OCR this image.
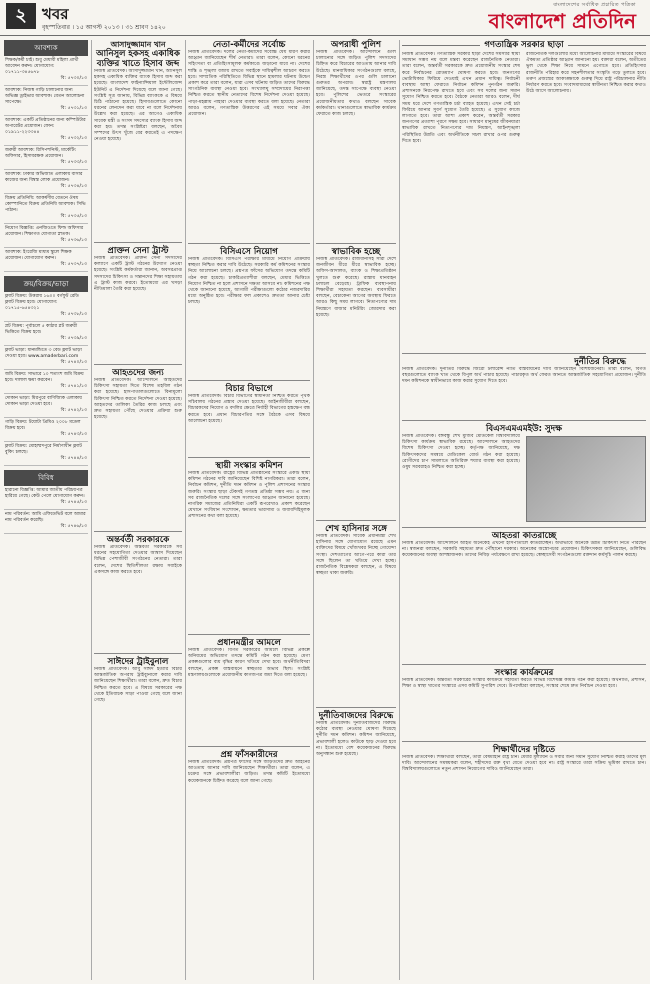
২	খবর
বৃহস্পতিবার । ১৫ আগস্ট ২০১৩ । ৩১ শ্রাবণ ১৪২০
বাংলাদেশের সর্বাধিক প্রচারিত পত্রিকা
বাংলাদেশ প্রতিদিন
আবশ্যক
শিক্ষক/কর্মী চাই। শুধু মেধাবী মহিলা প্রার্থী আবেদন করুন। যোগাযোগ: ০১৭১১-৩৪৫৬৭৮
বি: ৫৭৩০/১৩
আবশ্যক: নিজস্ব গাড়ি চালানোর জন্য অভিজ্ঞ ড্রাইভার আবশ্যক। বেতন আলোচনা সাপেক্ষে।
বি: ৫৭৩১/১৩
আবশ্যক: একটি প্রতিষ্ঠানের জন্য কম্পিউটার অপারেটর প্রয়োজন। ফোন: ০১৯১১-২২৩৩৪৪
বি: ৫৭৩২/১৩
জরুরী আবশ্যক: রিসিপশনিস্ট, মার্কেটিং অফিসার, হিসাবরক্ষক প্রয়োজন।
বি: ৫৭৩৩/১৩
আবশ্যক: ঢাকার অভিজাত এলাকায় বাসার কাজের জন্য বিশ্বস্ত লোক প্রয়োজন।
বি: ৫৭৩৪/১৩
বিক্রয় প্রতিনিধি: আকর্ষণীয় বেতনে ঔষধ কোম্পানিতে বিক্রয় প্রতিনিধি আবশ্যক। সিভি পাঠান।
বি: ৫৭৩৫/১৩
নিয়োগ বিজ্ঞপ্তি: এনজিওতে ফিল্ড অফিসার প্রয়োজন। শিক্ষাগত যোগ্যতা স্নাতক।
বি: ৫৭৩৬/১৩
আবশ্যক: ইংরেজি মাধ্যম স্কুলে শিক্ষক প্রয়োজন। যোগাযোগ করুন।
বি: ৫৭৩৭/১৩
ক্রয়/বিক্রয়/ভাড়া
ফ্ল্যাট বিক্রয়: উত্তরায় ১৬০০ বর্গফুট রেডি ফ্ল্যাট বিক্রয় হবে। যোগাযোগ: ০১৭১৫-৬৫৪৩২১
বি: ৫৭৩৮/১৩
প্লট বিক্রয়: পূর্বাচলে ৫ কাঠার প্লট জরুরী ভিত্তিতে বিক্রয় হবে।
বি: ৫৭৩৯/১৩
ফ্ল্যাট ভাড়া: ধানমন্ডিতে ৩ বেড ফ্ল্যাট ভাড়া দেওয়া হবে। www.amaderbari.com
বি: ৫৭৪০/১৩
জমি বিক্রয়: সাভারে ১০ শতাংশ জমি বিক্রয় হবে। দালাল ক্ষমা করবেন।
বি: ৫৭৪১/১৩
দোকান ভাড়া: মিরপুরে বাণিজ্যিক এলাকায় দোকান ভাড়া দেওয়া হবে।
বি: ৫৭৪২/১৩
গাড়ি বিক্রয়: টয়োটা প্রিমিও ২০০৮ মডেল বিক্রয় হবে।
বি: ৫৭৪৩/১৩
ফ্ল্যাট বিক্রয়: মোহাম্মদপুরে নির্মাণাধীন ফ্ল্যাট বুকিং চলছে।
বি: ৫৭৪৪/১৩
বিবিধ
হারানো বিজ্ঞপ্তি: আমার জাতীয় পরিচয়পত্র হারিয়ে গেছে। কেউ পেলে যোগাযোগ করুন।
বি: ৫৭৪৫/১৩
নাম পরিবর্তন: আমি এফিডেভিট বলে আমার নাম পরিবর্তন করেছি।
বি: ৫৭৪৬/১৩
আসাদুজ্জামান খান
আনিসুল হকসহ একাধিক ব্যক্তির খাতে হিসাব জব্দ
নিজস্ব প্রতিবেদক। আসাদুজ্জামান খান, আনিসুল হকসহ একাধিক ব্যক্তির ব্যাংক হিসাব জব্দ করা হয়েছে। বাংলাদেশ ফাইন্যান্সিয়াল ইন্টেলিজেন্স ইউনিট এ নির্দেশনা দিয়েছে বলে জানা গেছে। সংশ্লিষ্ট সূত্র জানায়, বিভিন্ন ব্যাংককে এ বিষয়ে চিঠি পাঠানো হয়েছে। হিসাবগুলোতে কোনো ধরনের লেনদেন করা যাবে না বলে নির্দেশনায় উল্লেখ করা হয়েছে। এর আগেও একাধিক সাবেক মন্ত্রী ও সংসদ সদস্যের ব্যাংক হিসাব জব্দ করা হয়। তদন্ত সংশ্লিষ্টরা বলছেন, অবৈধ সম্পদের উৎস খুঁজে বের করতেই এ পদক্ষেপ নেওয়া হয়েছে।
প্রাক্তন সেনা ট্রাস্ট
নিজস্ব প্রতিবেদক। প্রাক্তন সেনা সদস্যদের কল্যাণে একটি ট্রাস্ট গঠনের উদ্যোগ নেওয়া হয়েছে। সংশ্লিষ্ট কর্মকর্তারা জানান, অবসরপ্রাপ্ত সদস্যদের চিকিৎসা ও সন্তানদের শিক্ষা সহায়তায় এ ট্রাস্ট কাজ করবে। ইতোমধ্যে এর খসড়া নীতিমালা তৈরি করা হয়েছে।
আহতদের জন্য
নিজস্ব প্রতিবেদক। আন্দোলনে আহতদের চিকিৎসা সহায়তা দিতে বিশেষ তহবিল গঠন করা হয়েছে। হাসপাতালগুলোতে বিনামূল্যে চিকিৎসা নিশ্চিত করতে নির্দেশনা দেওয়া হয়েছে। আহতদের তালিকা তৈরির কাজ চলছে এবং দ্রুত সহায়তা পৌঁছে দেওয়ার প্রক্রিয়া শুরু হয়েছে।
অন্তর্বর্তী সরকারকে
নিজস্ব প্রতিবেদক। অন্তর্বর্তী সরকারকে সব ধরনের সহযোগিতা দেওয়ার আশ্বাস দিয়েছেন বিভিন্ন পেশাজীবী সংগঠনের নেতারা। তারা বলেন, দেশের স্থিতিশীলতা রক্ষায় সবাইকে একসঙ্গে কাজ করতে হবে।
সাঈদের ট্রাইবুনাল
নিজস্ব প্রতিবেদক। আবু সাঈদ হত্যার বিচার আন্তর্জাতিক অপরাধ ট্রাইব্যুনালে করার দাবি জানিয়েছেন শিক্ষার্থীরা। তারা বলেন, দ্রুত বিচার নিশ্চিত করতে হবে। এ বিষয়ে সরকারের পক্ষ থেকে ইতিবাচক সাড়া পাওয়া গেছে বলে জানা গেছে।
নেতা-কর্মীদের সর্বোচ্চ
নিজস্ব প্রতিবেদক। দলের নেতা-কর্মীদের সর্বোচ্চ ধৈর্য ধারণ করার আহ্বান জানিয়েছেন শীর্ষ নেতারা। তারা বলেন, কোনো ধরনের সহিংসতা বা প্রতিহিংসামূলক কর্মকাণ্ডে জড়ানো যাবে না। দেশের শান্তি ও শৃঙ্খলা বজায় রাখতে সবাইকে দায়িত্বশীল আচরণ করতে হবে। সাম্প্রতিক পরিস্থিতিতে বিভিন্ন স্থানে হামলার ঘটনায় উদ্বেগ প্রকাশ করে তারা বলেন, যারা এসব ঘটনায় জড়িত তাদের বিরুদ্ধে সাংগঠনিক ব্যবস্থা নেওয়া হবে। সংখ্যালঘু সম্প্রদায়ের নিরাপত্তা নিশ্চিত করতে স্থানীয় নেতাদের বিশেষ নির্দেশনা দেওয়া হয়েছে। পাড়া-মহল্লায় পাহারা দেওয়ার ব্যবস্থা করতে বলা হয়েছে। নেতারা আরও বলেন, গণতান্ত্রিক উত্তরণের এই সময়ে সবার ঐক্য প্রয়োজন।
বিসিএসে নিয়োগ
নিজস্ব প্রতিবেদক। বিসিএস পরীক্ষার মাধ্যমে নিয়োগ প্রক্রিয়ায় স্বচ্ছতা নিশ্চিত করার দাবি উঠেছে। সরকারি কর্ম কমিশনের সংস্কার নিয়ে আলোচনা চলছে। প্রশ্নপত্র ফাঁসের অভিযোগ তদন্তে কমিটি গঠন করা হয়েছে। চাকরিপ্রত্যাশীরা বলছেন, মেধার ভিত্তিতে নিয়োগ নিশ্চিত না হলে প্রশাসনে দক্ষতা আসবে না। কমিশনের পক্ষ থেকে জানানো হয়েছে, আগামী পরীক্ষাগুলো কঠোর নজরদারির মধ্যে অনুষ্ঠিত হবে। পরীক্ষার ফল প্রকাশেও দ্রুততা আনার চেষ্টা চলছে।
বিচার বিভাগে
নিজস্ব প্রতিবেদক। বিচার বিভাগের স্বাধীনতা নিশ্চিত করতে পৃথক সচিবালয় গঠনের প্রস্তাব দেওয়া হয়েছে। আইনজীবীরা বলছেন, বিচারকদের নিয়োগ ও বদলির ক্ষেত্রে নির্বাহী বিভাগের হস্তক্ষেপ বন্ধ করতে হবে। প্রধান বিচারপতির সঙ্গে বৈঠকে এসব বিষয়ে আলোচনা হয়েছে।
স্থায়ী সংস্কার কমিশন
নিজস্ব প্রতিবেদক। রাষ্ট্রের বিভিন্ন প্রতিষ্ঠানের সংস্কারে একটি স্থায়ী কমিশন গঠনের দাবি জানিয়েছেন বিশিষ্ট নাগরিকরা। তারা বলেন, নির্বাচন কমিশন, দুর্নীতি দমন কমিশন ও পুলিশ প্রশাসনের সংস্কার জরুরি। সংস্কার ছাড়া টেকসই গণতন্ত্র প্রতিষ্ঠা সম্ভব নয়। এ জন্য সব রাজনৈতিক দলের সঙ্গে সংলাপের আহ্বান জানানো হয়েছে। নাগরিক সমাজের প্রতিনিধিরা একটি রূপরেখাও প্রকাশ করেছেন যেখানে সংবিধান সংশোধন, ক্ষমতার ভারসাম্য ও জবাবদিহিমূলক প্রশাসনের কথা বলা হয়েছে।
প্রধানমন্ত্রীর আমলে
নিজস্ব প্রতিবেদক। বিগত সরকারের আমলে বিভিন্ন প্রকল্পে অনিয়মের অভিযোগ তদন্তে কমিটি গঠন করা হয়েছে। মেগা প্রকল্পগুলোর ব্যয় বৃদ্ধির কারণ খতিয়ে দেখা হবে। অর্থনীতিবিদরা বলছেন, প্রকল্প বাস্তবায়নে স্বচ্ছতার অভাব ছিল। সংশ্লিষ্ট মন্ত্রণালয়গুলোকে প্রয়োজনীয় কাগজপত্র জমা দিতে বলা হয়েছে।
প্রশ্ন ফাঁসকারীদের
নিজস্ব প্রতিবেদক। প্রশ্নপত্র ফাঁসের সঙ্গে জড়িতদের দ্রুত আইনের আওতায় আনার দাবি জানিয়েছেন শিক্ষার্থীরা। তারা বলেন, এ চক্রের সঙ্গে প্রভাবশালীরা জড়িত। তদন্ত কমিটি ইতোমধ্যে কয়েকজনকে চিহ্নিত করেছে বলে জানা গেছে।
অপরাধী পুলিশ
নিজস্ব প্রতিবেদক। আন্দোলনে গুলি চালানোর সঙ্গে জড়িত পুলিশ সদস্যদের চিহ্নিত করে বিচারের আওতায় আনার দাবি উঠেছে। মানবাধিকার সংগঠনগুলো বলছে, নিরস্ত্র শিক্ষার্থীদের ওপর গুলি চালানো গুরুতর অপরাধ। স্বরাষ্ট্র মন্ত্রণালয় জানিয়েছে, তদন্ত সাপেক্ষে ব্যবস্থা নেওয়া হবে। পুলিশের ভেতরে সংস্কারের প্রয়োজনীয়তার কথাও বলছেন সাবেক কর্মকর্তারা। থানাগুলোতে স্বাভাবিক কার্যক্রম ফেরাতে কাজ চলছে।
স্বাভাবিক হচ্ছে
নিজস্ব প্রতিবেদক। রাজধানীসহ সারা দেশে জনজীবন ধীরে ধীরে স্বাভাবিক হচ্ছে। অফিস-আদালত, ব্যাংক ও শিক্ষাপ্রতিষ্ঠান খুলতে শুরু করেছে। রাস্তায় যানবাহন চলাচল বেড়েছে। ট্রাফিক ব্যবস্থাপনায় শিক্ষার্থীরা সহায়তা করছেন। ব্যবসায়ীরা বলছেন, বেচাকেনা আগের অবস্থায় ফিরতে আরও কিছু সময় লাগবে। নিত্যপণ্যের দাম নিয়ন্ত্রণে বাজার মনিটরিং জোরদার করা হয়েছে।
শেখ হাসিনার সঙ্গে
নিজস্ব প্রতিবেদক। সাবেক প্রধানমন্ত্রী শেখ হাসিনার সঙ্গে যোগাযোগ রয়েছে এমন ব্যক্তিদের বিষয়ে খোঁজখবর নিচ্ছে গোয়েন্দা সংস্থা। দেশত্যাগের আগে-পরে কারা তার সঙ্গে ছিলেন তা খতিয়ে দেখা হচ্ছে। রাজনৈতিক বিশ্লেষকরা বলছেন, এ বিষয়ে স্বচ্ছতা থাকা জরুরি।
দুর্নীতিবাজদের বিরুদ্ধে
নিজস্ব প্রতিবেদক। দুর্নীতিবাজদের বিরুদ্ধে কঠোর ব্যবস্থা নেওয়ার ঘোষণা দিয়েছে দুর্নীতি দমন কমিশন। কমিশন জানিয়েছে, প্রভাবশালী হলেও কাউকে ছাড় দেওয়া হবে না। ইতোমধ্যে বেশ কয়েকজনের বিরুদ্ধে অনুসন্ধান শুরু হয়েছে।
গণতান্ত্রিক সরকার ছাড়া
নিজস্ব প্রতিবেদক। গণতান্ত্রিক সরকার ছাড়া দেশের সমস্যার স্থায়ী সমাধান সম্ভব নয় বলে মন্তব্য করেছেন রাজনৈতিক নেতারা। তারা বলেন, অন্তর্বর্তী সরকারকে দ্রুত প্রয়োজনীয় সংস্কার শেষ করে নির্বাচনের রোডম্যাপ ঘোষণা করতে হবে। জনগণের ভোটাধিকার ফিরিয়ে দেওয়াই এখন প্রধান দায়িত্ব। নির্বাচনী ব্যবস্থায় আস্থা ফেরাতে নির্বাচন কমিশন পুনর্গঠন জরুরি। প্রশাসনকে নিরপেক্ষ রাখতে হবে এবং সব দলের জন্য সমান সুযোগ নিশ্চিত করতে হবে। বৈঠকে নেতারা আরও বলেন, দীর্ঘ সময় ধরে দেশে গণতান্ত্রিক চর্চা ব্যাহত হয়েছে। এখন সেই চর্চা ফিরিয়ে আনার সুবর্ণ সুযোগ তৈরি হয়েছে। এ সুযোগ কাজে লাগাতে হবে। তারা আশা প্রকাশ করেন, অন্তর্বর্তী সরকার জনগণের প্রত্যাশা পূরণে সক্ষম হবে। সাধারণ মানুষের জীবনযাত্রা স্বাভাবিক রাখতে নিত্যপণ্যের দাম নিয়ন্ত্রণ, আইনশৃঙ্খলা পরিস্থিতির উন্নতি এবং অর্থনীতিকে সচল রাখার ওপর গুরুত্ব দিতে হবে।
রাজনৈতিক দলগুলোর মধ্যে আলোচনার মাধ্যমে সংস্কারের বিষয়ে ঐকমত্য প্রতিষ্ঠার আহ্বান জানানো হয়। বক্তারা বলেন, অতীতের ভুল থেকে শিক্ষা নিয়ে সামনে এগোতে হবে। প্রতিহিংসার রাজনীতি পরিহার করে সহনশীলতার সংস্কৃতি গড়ে তুলতে হবে। তরুণ প্রজন্মের আকাঙ্ক্ষাকে গুরুত্ব দিয়ে রাষ্ট্র পরিচালনার নীতি নির্ধারণ করতে হবে। সংবাদমাধ্যমের স্বাধীনতা নিশ্চিত করার কথাও উঠে আসে আলোচনায়।
দুর্নীতির বিরুদ্ধে
নিজস্ব প্রতিবেদক। দুর্নীতির বিরুদ্ধে জিরো টলারেন্স নীতি বাস্তবায়নের দাবি জানিয়েছেন বিশিষ্টজনেরা। তারা বলেন, বিগত বছরগুলোতে ব্যাংক খাত থেকে বিপুল অর্থ পাচার হয়েছে। পাচারকৃত অর্থ ফেরত আনতে আন্তর্জাতিক সহযোগিতা প্রয়োজন। দুর্নীতি দমন কমিশনকে স্বাধীনভাবে কাজ করার সুযোগ দিতে হবে।
বিএসএমএমইউ: সুদক্ষ
নিজস্ব প্রতিবেদক। বঙ্গবন্ধু শেখ মুজিব মেডিকেল বিশ্ববিদ্যালয়ে চিকিৎসা কার্যক্রম স্বাভাবিক রয়েছে। আন্দোলনে আহতদের বিশেষ চিকিৎসা দেওয়া হচ্ছে। কর্তৃপক্ষ জানিয়েছে, দক্ষ চিকিৎসকদের সমন্বয়ে মেডিকেল বোর্ড গঠন করা হয়েছে। রোগীদের চাপ সামলাতে অতিরিক্ত শয্যার ব্যবস্থা করা হয়েছে। ওষুধ সরবরাহও নিশ্চিত করা হচ্ছে।
আহতরা কাতরাচ্ছে
নিজস্ব প্রতিবেদক। আন্দোলনে আহত অনেকেই এখনো হাসপাতালে কাতরাচ্ছেন। অর্থাভাবে অনেকে উন্নত চিকিৎসা নিতে পারছেন না। স্বজনরা বলছেন, সরকারি সহায়তা দ্রুত পৌঁছানো দরকার। অনেকের অস্ত্রোপচার প্রয়োজন। চিকিৎসকরা জানিয়েছেন, গুলিবিদ্ধ কয়েকজনের অবস্থা আশঙ্কাজনক। তাদের নিবিড় পর্যবেক্ষণে রাখা হয়েছে। স্বেচ্ছাসেবী সংগঠনগুলো রক্তদান কর্মসূচি পালন করছে।
সংস্কার কার্যক্রমের
নিজস্ব প্রতিবেদক। অন্তর্বর্তী সরকারের সংস্কার কার্যক্রমে সহায়তা করতে বিভিন্ন বিশেষজ্ঞ কমিটি গঠন করা হয়েছে। অর্থনীতি, প্রশাসন, শিক্ষা ও স্বাস্থ্য খাতের সংস্কারে এসব কমিটি সুপারিশ দেবে। উপদেষ্টারা বলছেন, সংস্কার শেষে দ্রুত নির্বাচন দেওয়া হবে।
শিক্ষার্থীদের দৃষ্টিতে
নিজস্ব প্রতিবেদক। শিক্ষার্থীরা বলছেন, তারা বৈষম্যহীন রাষ্ট্র চান। মেধার মূল্যায়ন ও সবার জন্য সমান সুযোগ নিশ্চিত করাই তাদের মূল দাবি। আন্দোলনের সমন্বয়করা বলেন, শহীদদের রক্ত বৃথা যেতে দেওয়া হবে না। রাষ্ট্র সংস্কারে তারা সক্রিয় ভূমিকা রাখতে চান। বিশ্ববিদ্যালয়গুলোতে নতুন প্রশাসন নিয়োগের দাবিও জানিয়েছেন তারা।
